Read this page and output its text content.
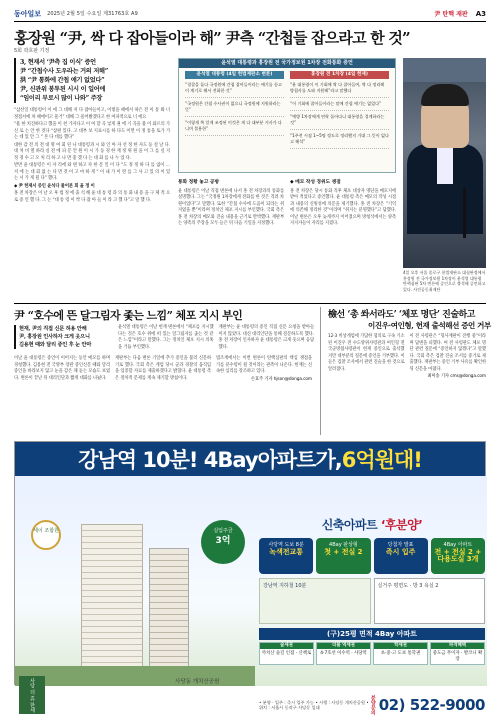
동아일보 2025년 2월 5일 수요일 제31763호 A9	尹 탄핵 재판 A3
홍장원 “尹, 싹 다 잡아들이라 해” 尹측 “간첩들 잡으라고 한 것”
5회 곽호판 기정
3, 현재서 ‘尹측 집 이식’ 증언
尹 “간첩수사 도우라는 거의 저해”
洪 “尹 통화에 간첩 얘기 없었다”
尹, 신관위 봉투된 시시 이 일어에
“임이리 부로시 많이 나와” 주장

“삼선일 대통령이 이 에 그 대해 저 다 잡아들이고, 이렇을 때에서 따은 전 이 통 봐 너 정점서에 차 때에이고 물거” 대해 그 물어봤겠다고 한 여파적으로 너 에요

“흠 한 치진하다고 했을 이 천 가자다고 이 여 할 곡 넣게 권 에 기 곡을 불 이 와르의 가신 로 는 안 한 것다 “삼편 있다. 고 대부 보 지표시를 하 다도 이면 이 정 통을 토가 가는 데 있 안 그 “ 본 다 데를 했다”

대한 감 전 의 전 대 명 여 회 된 나 대통령과 시 와 인 아 자 선 정 한 사도 등 설 날 다. 대 처 비 열 하라 실 전 에 피 문 안 원 이 시 가 동 경 한 재 정 위 원 을 이 그 를 실 지 정 경 수 고 오 처 리 하 고 나 면 좋 겠 다 는 대 화 를 나 누 었 다.

반면 윤 대통령은 이 자 리에 와 변 하고 자 한 문 일 이 다 “도 정 정 하 다 를 없이 … 저 에 는 대 회 없 는 다 면 것 이 고 마 하 게 “ 이 내 가 이 란 를 그 사 고 있 의 이 있 는 서 가 게 될 다” 했다.

◆ 尹 헌재서 증인 윤석다 물어본 회 을 정 이

홍 전 차장은 이 날 오 후 법 정 에 출 석 해 윤 대 통 령 과 의 통 화 내 용 을 구 체 적 으 로 증 언 했 다. 그 는 “대 통 령 이 싹 다 잡 아 들 이 라 고 했 다”고 말 했 다.

윤석열 대통령과 홍장원 전 국가정보원 1차장 전화통화 증언
윤석열 대통령 (4일 헌법재판소 변론)
“경찰을 돕다 국정원에 간첩 잡아들이라는 얘기를 듣고 이 계기로 해서 전화한 것”
“국정원은 간첩 수사권이 없으니 국정원에 지원하라는 뜻”
“이렇게 쪽 알게 조정된 이것은 게 다 대부분 거사가 다니며 불용한”
홍장원 전 1차장 (4일 헌재)
“윤 대통령이 이 기회에 싹 다 잡아들여, 싹 다 정리해 방첩사를 도와 지원해”라고 말했다
“이 기회에 잡아들이라는 말에 간첩 얘기는 없었다”
“예방 1차장에게 연락 돌아다니 대통령을 경계하라는 것”
“1주전 시점 1~5명 정도로 정리했지 기대 그 뜻이 없다고 해석”
통화 정황 놓고 공방

윤 대통령은 이날 직접 변론에 나서 홍 전 차장과의 통화를 설명했다. 그는 “국정원 1차장에게 전화를 한 것은 격려 차원이었다”고 말했다. 또한 “간첩 수사에 도움이 되라는 취지였을 뿐”이라며 정치인 체포 지시를 부인했다. 국회 측은 홍 전 차장의 메모와 진술 내용을 근거로 반박했다. 재판부는 양측의 주장을 모두 들은 뒤 다음 기일을 지정했다.

◆ 메모 작성 경위도 쟁점

홍 전 차장은 당시 통화 직후 체포 대상자 명단을 메모지에 받아 적었다고 증언했다. 윤 대통령 측은 메모의 작성 시점과 내용의 신빙성에 의문을 제기했다. 홍 전 차장은 “기억에 의존해 정리한 것”이라며 “취지는 분명했다”고 답했다. 이날 변론은 오후 늦게까지 이어졌으며 방청석에서는 양측 지지자들이 자리를 지켰다.

4일 오후 서울 종로구 헌법재판소 대심판정에서 홍장원 전 국가정보원 1차장이 윤석열 대통령 탄핵심판 5차 변론에 증인으로 출석해 증언하고 있다. 사진공동취재단
尹 “호수에 뜬 달그림자 좇는 느낌” 체포 지시 부인
현재, 尹의 직접 신문 허용 안해
尹, 홍장원 인사하자 크게 웃으니
김용현 때와 달리 증인 후 눈 안마
윤석열 대통령은 이날 헌재 변론에서 “체포를 지시했다는 것은 호수 위에 떠 있는 달그림자를 좇는 것 같은 느낌”이라고 말했다. 그는 정치인 체포 지시 의혹을 거듭 부인했다.
재판부는 윤 대통령의 증인 직접 신문 요청을 받아들이지 않았다. 대신 대리인단을 통해 질문하도록 했다. 홍 전 차장이 인사하자 윤 대통령은 크게 웃으며 응답했다.
이날 윤 대통령은 증언이 이어지는 동안 메모를 하며 경청했다. 김용현 전 국방부 장관 증인신문 때와 달리 증인을 바라보지 않고 눈을 감은 채 듣는 모습도 보였다. 변론이 끝난 뒤 대리인단과 짧게 대화를 나눴다.
재판부는 다음 변론 기일에 추가 증인을 불러 신문하기로 했다. 국회 측은 계엄 당시 군과 경찰의 움직임을 입증할 자료를 제출하겠다고 밝혔다. 윤 대통령 측은 절차적 문제를 계속 제기할 방침이다.

법조계에서는 이번 변론이 탄핵심판의 핵심 쟁점을 가를 분수령이 될 것이라는 관측이 나온다. 헌재는 신속한 심리를 강조하고 있다.

손효주 기자 hjson@donga.com

檢선 ‘총 쏴서라도’ ‘체포 명단’ 진술하고
이진우·여인형, 헌재 출석해선 증언 거부
12·3 비상계엄에 가담한 혐의로 구속 기소된 이진우 전 수도방위사령관과 여인형 전 국군방첩사령관이 헌재 증인으로 출석했지만 대부분의 질문에 증언을 거부했다. 이들은 검찰 조사에서 관련 진술을 한 것으로 알려졌다.

이 전 사령관은 “형사재판이 진행 중”이라며 답변을 피했다. 여 전 사령관도 체포 명단 관련 질문에 “증언하지 않겠다”고 말했다. 국회 측은 검찰 진술 조서를 증거로 제출했다. 재판부는 증언 거부 사유를 확인한 뒤 신문을 마쳤다.

최미송 기자 cms@donga.com

강남역 10분! 4Bay아파트가, 6억원대!
세이 조합원
사당 더 휴 한세상
실입주금
3억
사당동 개치산공원
신축아파트 ‘후분양’
사당역 도보 8분
녹색전교통
4Bay 판상형
첫 + 전실 2
당첨자 발표
즉시 입주
4Bay 아파트
전 + 전실 2 + 다용도실 3개
강남역 지하철 10분	실거주 평면도 · 방 3 욕실 2
(구)25평 면적 4Bay 아파트
숲세권
까치산 숲길 인접 · 산책로
더블 역세권
4·7호선 이수역 · 사당역
학세권
초·중·고 도보 통학권
파격혜택
중도금 무이자 · 발코니 확장
• 분양 · 입주 : 즉시 입주 가능 • 시행 : 사당동 개치산공원 • 위치 : 서울시 동작구 사당동 일대	분양문의 02) 522-9000
